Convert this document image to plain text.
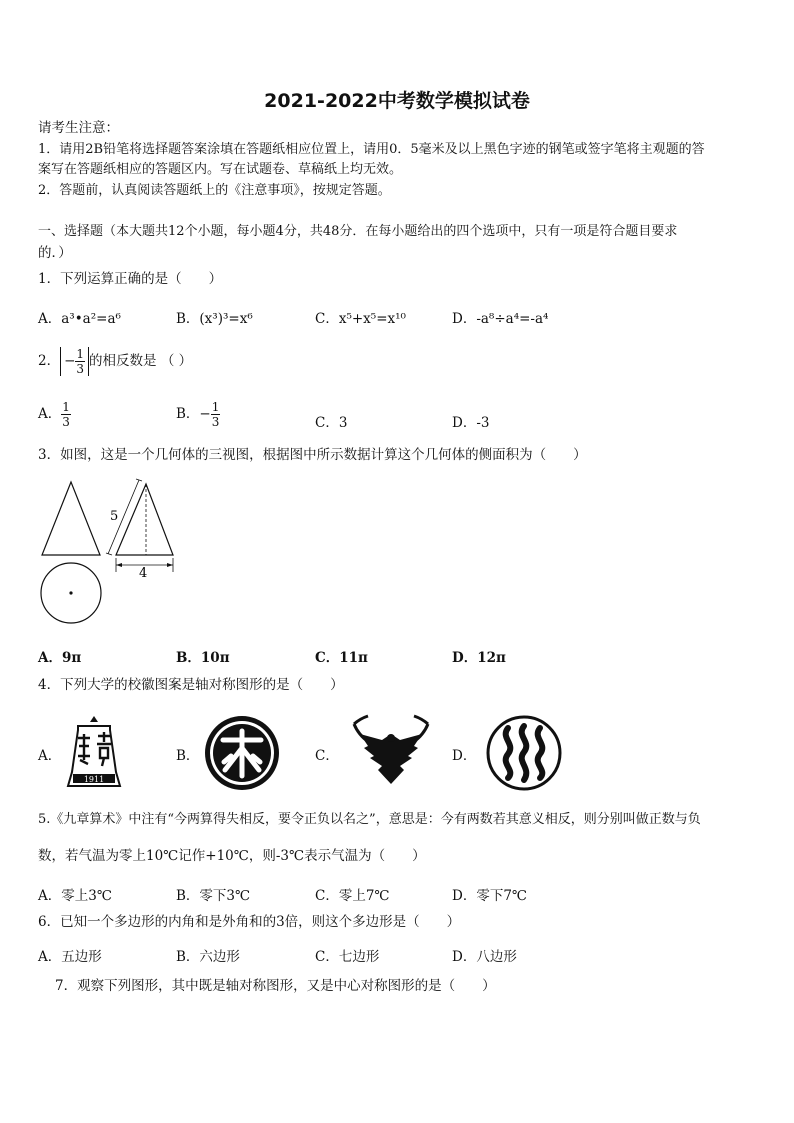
2021-2022中考数学模拟试卷
请考生注意：
1．请用2B铅笔将选择题答案涂填在答题纸相应位置上，请用0．5毫米及以上黑色字迹的钢笔或签字笔将主观题的答
案写在答题纸相应的答题区内。写在试题卷、草稿纸上均无效。
2．答题前，认真阅读答题纸上的《注意事项》，按规定答题。
一、选择题（本大题共12个小题，每小题4分，共48分．在每小题给出的四个选项中，只有一项是符合题目要求
的．）
1．下列运算正确的是（　　）
A．a³•a²=a⁶	B．(x³)³=x⁶	C．x⁵+x⁵=x¹⁰	D．-a⁸÷a⁴=-a⁴
2． − $\frac{1}{3}$ 的相反数是 （ ）
A． $\frac{1}{3}$	B．− $\frac{1}{3}$	C．3	D．-3
3．如图，这是一个几何体的三视图，根据图中所示数据计算这个几何体的侧面积为（　　）
5
4
A．9π	B．10π	C．11π	D．12π
4．下列大学的校徽图案是轴对称图形的是（　　）
A．
1911
B．	C．	D．
5.《九章算术》中注有“今两算得失相反，要令正负以名之”，意思是：今有两数若其意义相反，则分别叫做正数与负
数，若气温为零上10℃记作+10℃，则-3℃表示气温为（　　）
A．零上3℃	B．零下3℃	C．零上7℃	D．零下7℃
6．已知一个多边形的内角和是外角和的3倍，则这个多边形是（　　）
A．五边形	B．六边形	C．七边形	D．八边形
7．观察下列图形，其中既是轴对称图形，又是中心对称图形的是（　　）
